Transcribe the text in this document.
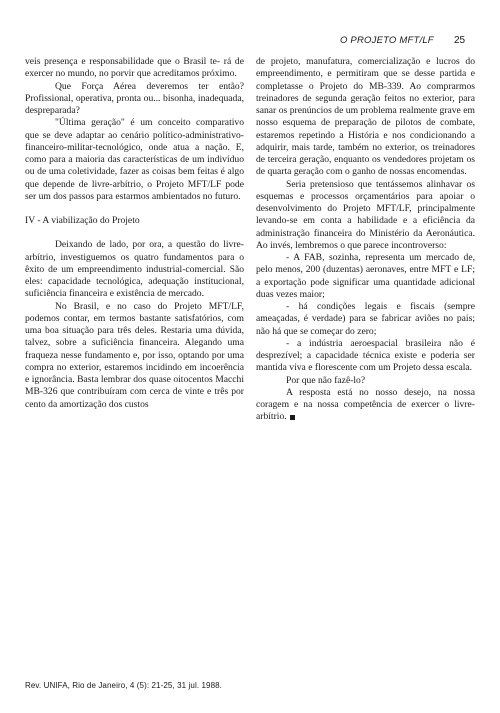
O PROJETO MFT/LF 25

veis presença e responsabilidade que o Brasil te- rá de exercer no mundo, no porvir que acreditamos próximo.

Que Força Aérea deveremos ter então? Profissional, operativa, pronta ou... bisonha, inadequada, despreparada?

"Última geração" é um conceito comparativo que se deve adaptar ao cenário político-administrativo-financeiro-militar-tecnológico, onde atua a nação. E, como para a maioria das características de um indivíduo ou de uma coletividade, fazer as coisas bem feitas é algo que depende de livre-arbítrio, o Projeto MFT/LF pode ser um dos passos para estarmos ambientados no futuro.

IV - A viabilização do Projeto

Deixando de lado, por ora, a questão do livre-arbítrio, investiguemos os quatro fundamentos para o êxito de um empreendimento industrial-comercial. São eles: capacidade tecnológica, adequação institucional, suficiência financeira e existência de mercado.

No Brasil, e no caso do Projeto MFT/LF, podemos contar, em termos bastante satisfatórios, com uma boa situação para três deles. Restaria uma dúvida, talvez, sobre a suficiência financeira. Alegando uma fraqueza nesse fundamento e, por isso, optando por uma compra no exterior, estaremos incidindo em incoerência e ignorância. Basta lembrar dos quase oitocentos Macchi MB-326 que contribuíram com cerca de vinte e três por cento da amortização dos custos

de projeto, manufatura, comercialização e lucros do empreendimento, e permitiram que se desse partida e completasse o Projeto do MB-339. Ao comprarmos treinadores de segunda geração feitos no exterior, para sanar os prenúncios de um problema realmente grave em nosso esquema de preparação de pilotos de combate, estaremos repetindo a História e nos condicionando a adquirir, mais tarde, também no exterior, os treinadores de terceira geração, enquanto os vendedores projetam os de quarta geração com o ganho de nossas encomendas.

Seria pretensioso que tentássemos alinhavar os esquemas e processos orçamentários para apoiar o desenvolvimento do Projeto MFT/LF, principalmente levando-se em conta a habilidade e a eficiência da administração financeira do Ministério da Aeronáutica. Ao invés, lembremos o que parece incontroverso:

- A FAB, sozinha, representa um mercado de, pelo menos, 200 (duzentas) aeronaves, entre MFT e LF; a exportação pode significar uma quantidade adicional duas vezes maior;

- há condições legais e fiscais (sempre ameaçadas, é verdade) para se fabricar aviões no país; não há que se começar do zero;

- a indústria aeroespacial brasileira não é desprezível; a capacidade técnica existe e poderia ser mantida viva e florescente com um Projeto dessa escala.

Por que não fazê-lo?

A resposta está no nosso desejo, na nossa coragem e na nossa competência de exercer o livre-arbítrio.

Rev. UNIFA, Rio de Janeiro, 4 (5): 21-25, 31 jul. 1988.
